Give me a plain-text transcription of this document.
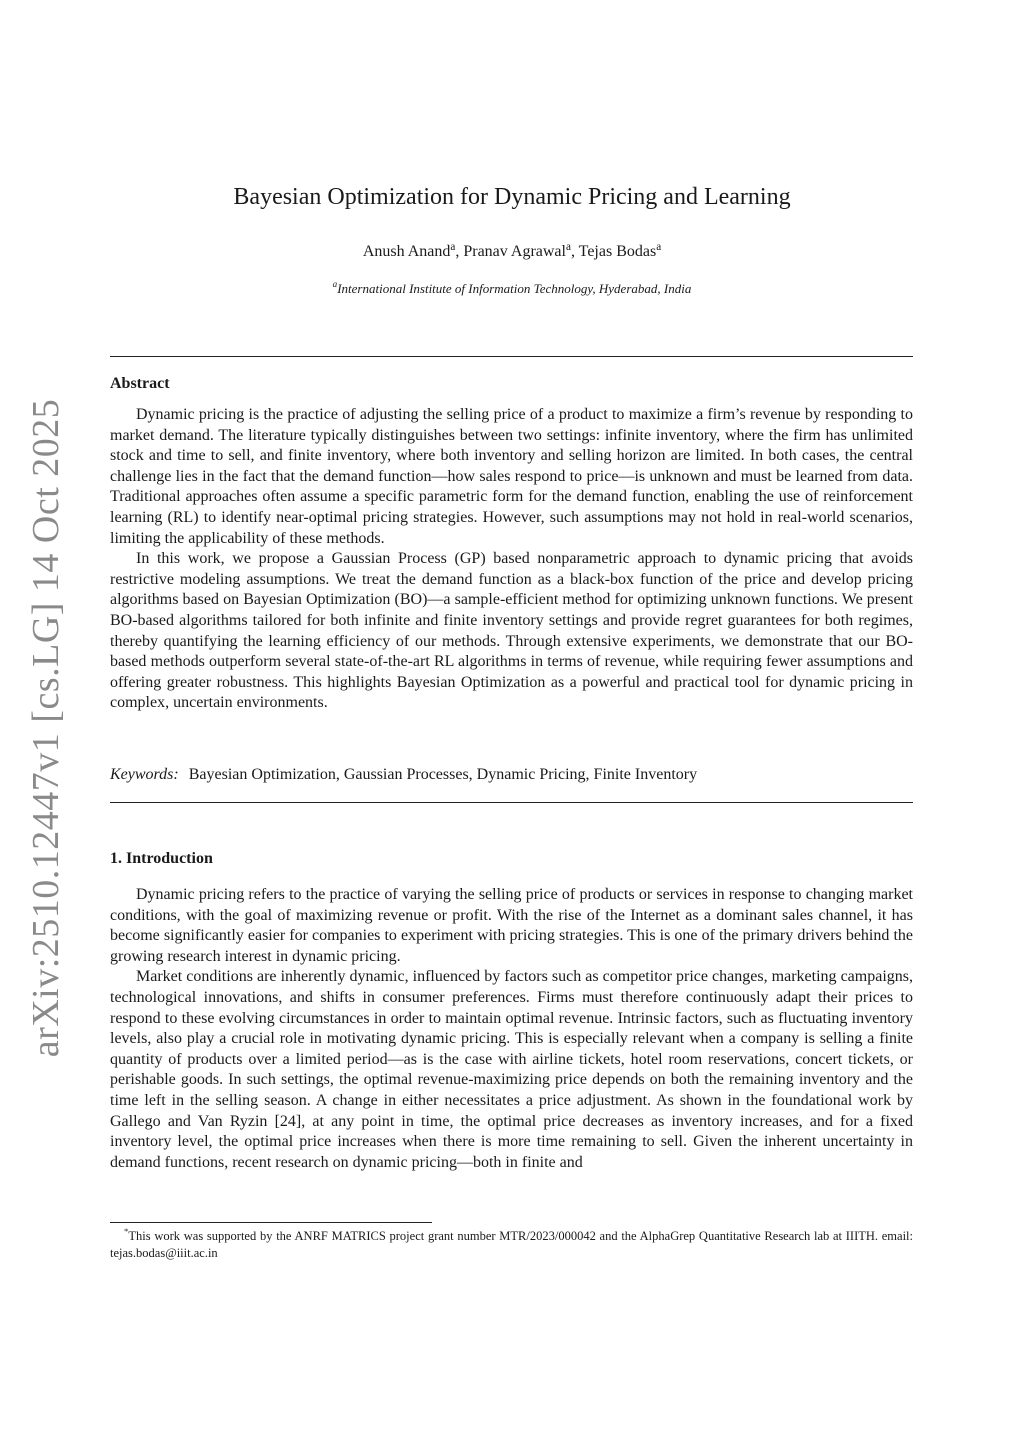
arXiv:2510.12447v1 [cs.LG] 14 Oct 2025
Bayesian Optimization for Dynamic Pricing and Learning
Anush Anand$^a$, Pranav Agrawal$^a$, Tejas Bodas$^a$
$^a$International Institute of Information Technology, Hyderabad, India
Abstract

Dynamic pricing is the practice of adjusting the selling price of a product to maximize a firm’s revenue by responding to market demand. The literature typically distinguishes between two settings: infinite inventory, where the firm has unlimited stock and time to sell, and finite inventory, where both inventory and selling horizon are limited. In both cases, the central challenge lies in the fact that the demand function—how sales respond to price—is unknown and must be learned from data. Traditional approaches often assume a specific parametric form for the demand function, enabling the use of reinforcement learning (RL) to identify near-optimal pricing strategies. However, such assumptions may not hold in real-world scenarios, limiting the applicability of these methods.

In this work, we propose a Gaussian Process (GP) based nonparametric approach to dynamic pricing that avoids restrictive modeling assumptions. We treat the demand function as a black-box function of the price and develop pricing algorithms based on Bayesian Optimization (BO)—a sample-efficient method for optimizing unknown functions. We present BO-based algorithms tailored for both infinite and finite inventory settings and provide regret guarantees for both regimes, thereby quantifying the learning efficiency of our methods. Through extensive experiments, we demonstrate that our BO-based methods outperform several state-of-the-art RL algorithms in terms of revenue, while requiring fewer assumptions and offering greater robustness. This highlights Bayesian Optimization as a powerful and practical tool for dynamic pricing in complex, uncertain environments.

Keywords: Bayesian Optimization, Gaussian Processes, Dynamic Pricing, Finite Inventory
1. Introduction

Dynamic pricing refers to the practice of varying the selling price of products or services in response to changing market conditions, with the goal of maximizing revenue or profit. With the rise of the Internet as a dominant sales channel, it has become significantly easier for companies to experiment with pricing strategies. This is one of the primary drivers behind the growing research interest in dynamic pricing.

Market conditions are inherently dynamic, influenced by factors such as competitor price changes, marketing campaigns, technological innovations, and shifts in consumer preferences. Firms must therefore continuously adapt their prices to respond to these evolving circumstances in order to maintain optimal revenue. Intrinsic factors, such as fluctuating inventory levels, also play a crucial role in motivating dynamic pricing. This is especially relevant when a company is selling a finite quantity of products over a limited period—as is the case with airline tickets, hotel room reservations, concert tickets, or perishable goods. In such settings, the optimal revenue-maximizing price depends on both the remaining inventory and the time left in the selling season. A change in either necessitates a price adjustment. As shown in the foundational work by Gallego and Van Ryzin [24], at any point in time, the optimal price decreases as inventory increases, and for a fixed inventory level, the optimal price increases when there is more time remaining to sell. Given the inherent uncertainty in demand functions, recent research on dynamic pricing—both in finite and

*This work was supported by the ANRF MATRICS project grant number MTR/2023/000042 and the AlphaGrep Quantitative Research lab at IIITH. email: tejas.bodas@iiit.ac.in
